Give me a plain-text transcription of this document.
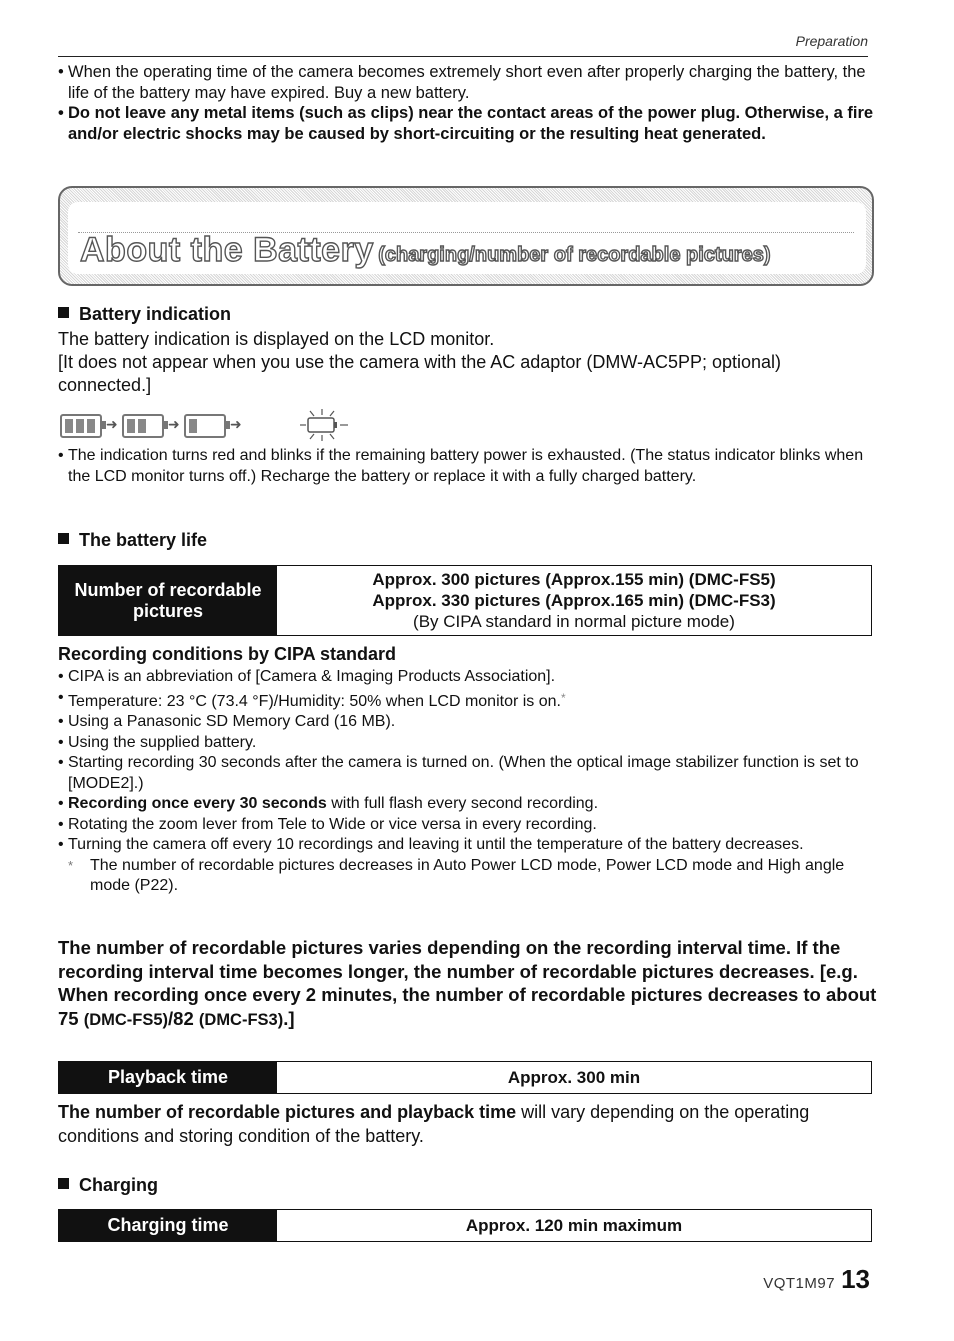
Preparation
• When the operating time of the camera becomes extremely short even after properly charging the battery, the life of the battery may have expired. Buy a new battery.
• Do not leave any metal items (such as clips) near the contact areas of the power plug. Otherwise, a fire and/or electric shocks may be caused by short-circuiting or the resulting heat generated.
About the Battery (charging/number of recordable pictures)
Battery indication
The battery indication is displayed on the LCD monitor.
[It does not appear when you use the camera with the AC adaptor (DMW-AC5PP; optional) connected.]
➜	➜	➜
• The indication turns red and blinks if the remaining battery power is exhausted. (The status indicator blinks when the LCD monitor turns off.) Recharge the battery or replace it with a fully charged battery.
The battery life
Number of recordable pictures
Approx. 300 pictures (Approx.155 min) (DMC-FS5)
Approx. 330 pictures (Approx.165 min) (DMC-FS3)
(By CIPA standard in normal picture mode)
Recording conditions by CIPA standard
• CIPA is an abbreviation of [Camera & Imaging Products Association].
• Temperature: 23 °C (73.4 °F)/Humidity: 50% when LCD monitor is on.*
• Using a Panasonic SD Memory Card (16 MB).
• Using the supplied battery.
• Starting recording 30 seconds after the camera is turned on. (When the optical image stabilizer function is set to [MODE2].)
• Recording once every 30 seconds with full flash every second recording.
• Rotating the zoom lever from Tele to Wide or vice versa in every recording.
• Turning the camera off every 10 recordings and leaving it until the temperature of the battery decreases.
* The number of recordable pictures decreases in Auto Power LCD mode, Power LCD mode and High angle mode (P22).
The number of recordable pictures varies depending on the recording interval time. If the recording interval time becomes longer, the number of recordable pictures decreases. [e.g. When recording once every 2 minutes, the number of recordable pictures decreases to about 75 (DMC-FS5)/82 (DMC-FS3).]
Playback time	Approx. 300 min
The number of recordable pictures and playback time will vary depending on the operating conditions and storing condition of the battery.
Charging
Charging time	Approx. 120 min maximum
VQT1M97 13
